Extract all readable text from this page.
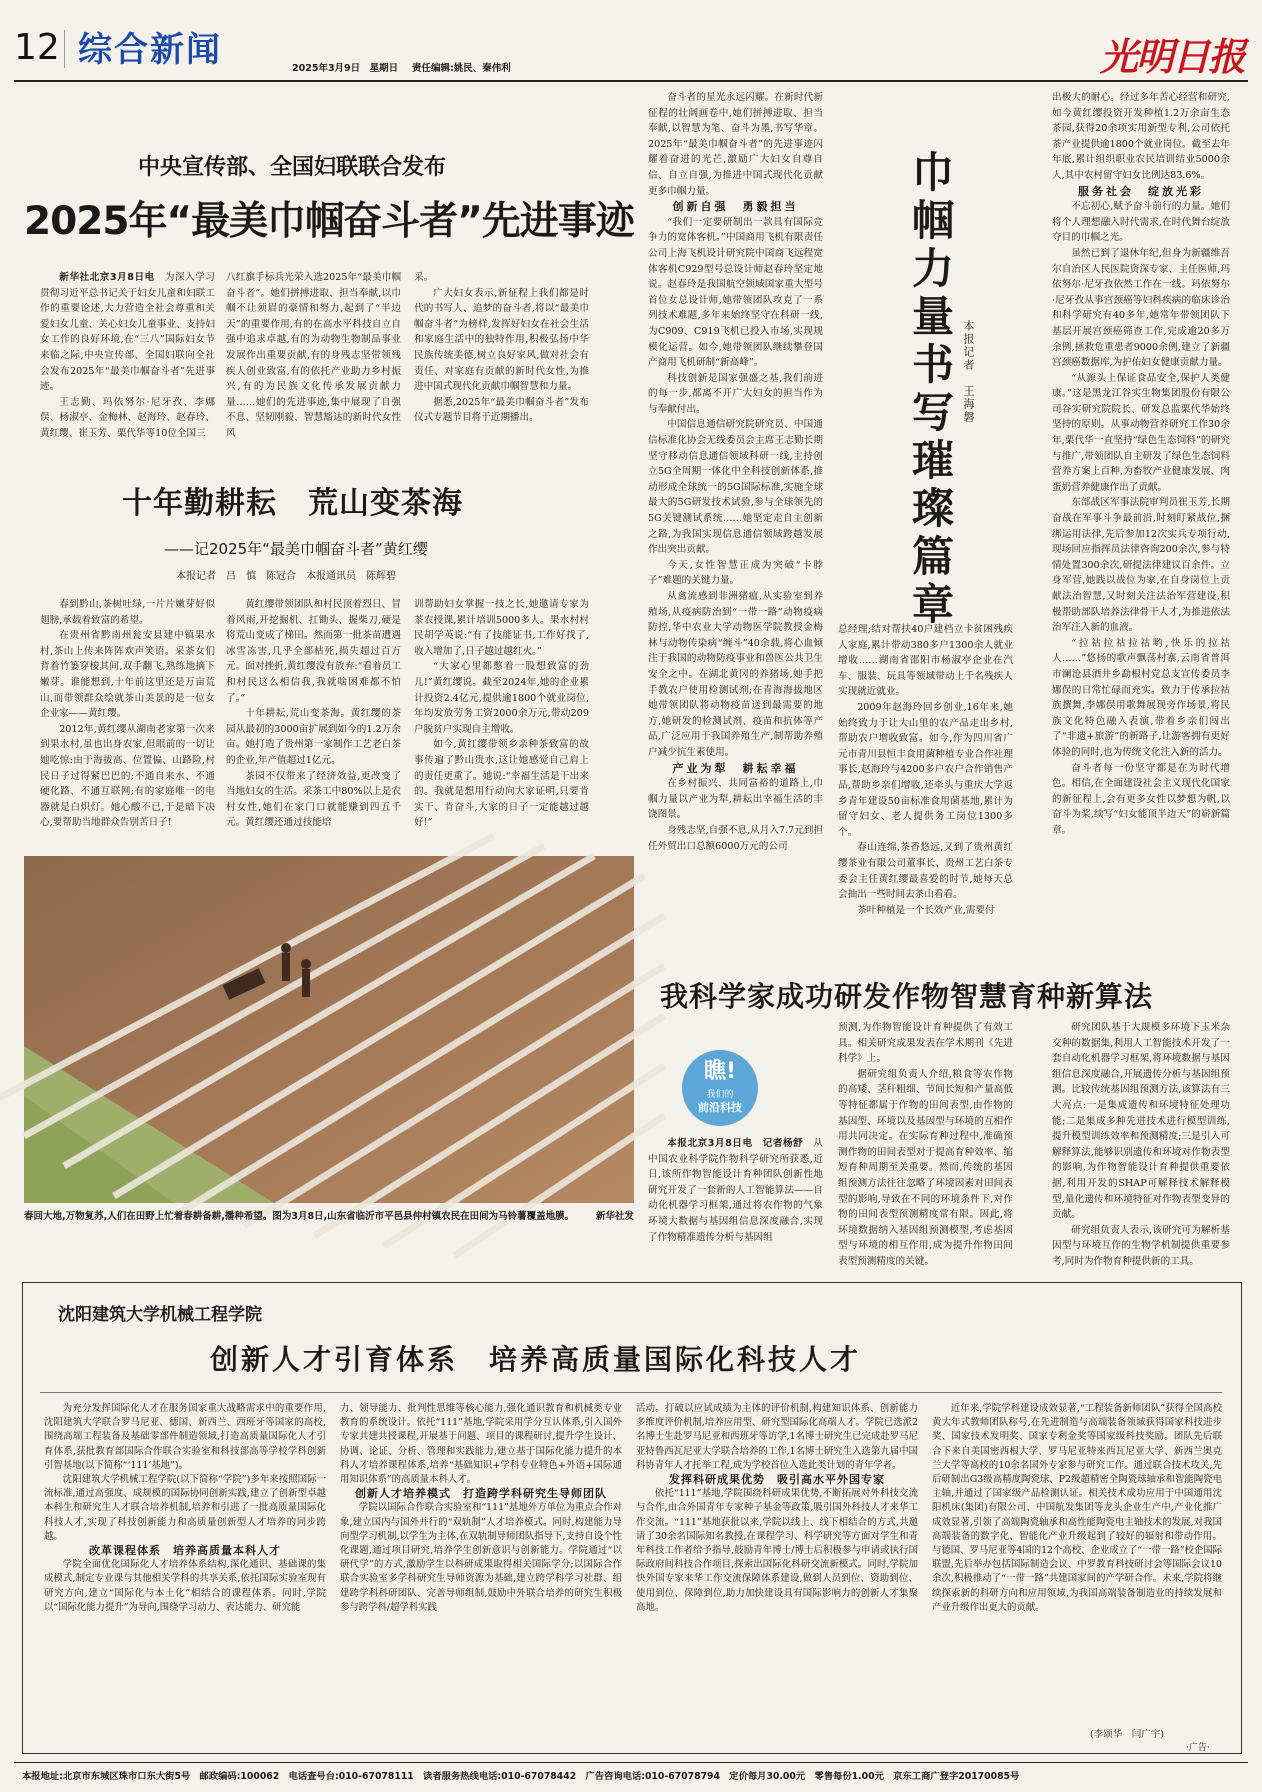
12 综合新闻	2025年3月9日　星期日 责任编辑:姚民、秦伟利	光明日报
中央宣传部、全国妇联联合发布
2025年“最美巾帼奋斗者”先进事迹

新华社北京3月8日电　 为深入学习贯彻习近平总书记关于妇女儿童和妇联工作的重要论述,大力营造全社会尊重和关爱妇女儿童、关心妇女儿童事业、支持妇女工作的良好环境,在“三八”国际妇女节来临之际,中央宣传部、全国妇联向全社会发布2025年“最美巾帼奋斗者”先进事迹。

王志勤、玛依努尔·尼牙孜、李娜俣、杨淑亭、金梅林、赵海玲、赵春玲、黄红缨、崔玉芳、栗代华等10位全国三

八红旗手标兵光荣入选2025年“最美巾帼奋斗者”。她们拼搏进取、担当奉献,以巾帼不让须眉的豪情和努力,起到了“半边天”的重要作用,有的在高水平科技自立自强中追求卓越,有的为动物生物制品事业发展作出重要贡献,有的身残志坚带领残疾人创业致富,有的依托产业助力乡村振兴,有的为民族文化传承发展贡献力量……她们的先进事迹,集中展现了自强不息、坚韧刚毅、智慧豁达的新时代女性风

采。

广大妇女表示,新征程上我们都是时代的书写人、追梦的奋斗者,将以“最美巾帼奋斗者”为榜样,发挥好妇女在社会生活和家庭生活中的独特作用,积极弘扬中华民族传统美德,树立良好家风,做对社会有责任、对家庭有贡献的新时代女性,为推进中国式现代化贡献巾帼智慧和力量。

据悉,2025年“最美巾帼奋斗者”发布仪式专题节目将于近期播出。

十年勤耕耘　荒山变茶海
——记2025年“最美巾帼奋斗者”黄红缨
本报记者　吕　慎　陈冠合　本报通讯员　陈辉碧

春到黔山,茶树吐绿,一片片嫩芽好似翅膀,承载着致富的希望。

在贵州省黔南州瓮安县建中镇果水村,茶山上传来阵阵欢声笑语。采茶女们背着竹篓穿梭其间,双手翻飞,熟练地摘下嫩芽。谁能想到,十年前这里还是万亩荒山,而带领群众绘就茶山美景的是一位女企业家——黄红缨。

2012年,黄红缨从湖南老家第一次来到果水村,虽也出身农家,但眼前的一切让她吃惊:由于海拔高、位置偏、山路险,村民日子过得紧巴巴的;不通自来水、不通硬化路、不通互联网;有的家庭唯一的电器就是白炽灯。她心酸不已,于是暗下决心,要帮助当地群众告别苦日子!

黄红缨带领团队和村民顶着烈日、冒着风雨,开挖掘机、扛锄头、握柴刀,硬是将荒山变成了梯田。然而第一批茶苗遭遇冰雪冻害,几乎全部枯死,损失超过百万元。面对挫折,黄红缨没有放弃:“看着员工和村民这么相信我,我就啥困难都不怕了。”

十年耕耘,荒山变茶海。黄红缨的茶园从最初的3000亩扩展到如今的1.2万余亩。她打造了贵州第一家制作工艺老白茶的企业,年产值超过1亿元。

茶园不仅带来了经济效益,更改变了当地妇女的生活。采茶工中80%以上是农村女性,她们在家门口就能赚到四五千元。黄红缨还通过技能培

训帮助妇女掌握一技之长,她邀请专家为茶农授课,累计培训5000多人。果水村村民胡学英说:“有了技能证书,工作好找了,收入增加了,日子越过越红火。”

“大家心里都憋着一股想致富的劲儿!”黄红缨说。截至2024年,她的企业累计投资2.4亿元,提供逾1800个就业岗位,年均发放劳务工资2000余万元,带动209户脱贫户实现自主增收。

如今,黄红缨带领乡亲种茶致富的故事传遍了黔山贵水,这让她感觉自己肩上的责任更重了。她说:“幸福生活是干出来的。我就是想用行动向大家证明,只要肯实干、肯奋斗,大家的日子一定能越过越好!”

春回大地,万物复苏,人们在田野上忙着春耕备耕,播种希望。图为3月8日,山东省临沂市平邑县仲村镇农民在田间为马铃薯覆盖地膜。 新华社发

奋斗者的星光永远闪耀。在新时代新征程的壮阔画卷中,她们拼搏进取、担当奉献,以智慧为笔、奋斗为墨,书写华章。2025年“最美巾帼奋斗者”的先进事迹闪耀着奋进的光芒,激励广大妇女自尊自信、自立自强,为推进中国式现代化贡献更多巾帼力量。

创新自强　勇毅担当

“我们一定要研制出一款具有国际竞争力的宽体客机。”中国商用飞机有限责任公司上海飞机设计研究院中国商飞远程宽体客机C929型号总设计师赵春玲坚定地说。赵春玲是我国航空领域国家重大型号首位女总设计师,她带领团队攻克了一系列技术难题,多年来始终坚守在科研一线,为C909、C919飞机已投入市场,实现规模化运营。如今,她带领团队继续攀登国产商用飞机研制“新高峰”。

科技创新是国家强盛之基,我们前进的每一步,都离不开广大妇女的担当作为与奉献付出。

中国信息通信研究院研究员、中国通信标准化协会无线委员会主席王志勤长期坚守移动信息通信领域科研一线,主持创立5G全周期一体化中全科技创新体系,推动形成全球统一的5G国际标准,实施全球最大的5G研发技术试验,参与全球领先的5G关键测试系统……她坚定走自主创新之路,为我国实现信息通信领域跨越发展作出突出贡献。

今天,女性智慧正成为突破“卡脖子”难题的关键力量。

从禽流感到非洲猪瘟,从实验室到养殖场,从疫病防治到“一带一路”动物疫病防控,华中农业大学动物医学院教授金梅林与动物传染病“缠斗”40余载,将心血倾注于我国的动物防疫事业和兽医公共卫生安全之中。在湖北黄冈的养猪场,她手把手教农户使用检测试剂;在青海海拔地区她带领团队将动物疫苗送到最需要的地方,她研发的检测试剂、疫苗和抗体等产品,广泛应用于我国养殖生产,制帮助养殖户减少抗生素使用。

产业为犁　耕耘幸福

在乡村振兴、共同富裕的道路上,巾帼力量以产业为犁,耕耘出幸福生活的丰饶图景。

身残志坚,自强不息,从月入7.7元到担任外贸出口总额6000万元的公司

巾帼力量书写璀璨篇章 本报记者　王海磐

总经理;结对帮扶40户建档立卡贫困残疾人家庭,累计带动380多户1300余人就业增收……湖南省邵阳市杨淑亭企业在汽车、服装、玩具等领域带动上千名残疾人实现就近就业。

2009年赵海玲回乡创业,16年来,她始终致力于让大山里的农产品走出乡村,帮助农户增收致富。如今,作为四川省广元市青川县恒丰食用菌种植专业合作社理事长,赵海玲与4200多户农户合作销售产品,帮助乡亲们增收,还牵头与重庆大学返乡青年建设50亩标准食用菌基地,累计为留守妇女、老人提供务工岗位1300多个。

春山连绵,茶香悠远,又到了贵州黄红缨茶业有限公司董事长、贵州工艺白茶专委会主任黄红缨最喜爱的时节,她每天总会抽出一些时间去茶山看看。

茶叶种植是一个长效产业,需要付

出极大的耐心。经过多年苦心经营和研究,如今黄红缨投资开发种植1.2万余亩生态茶园,获得20余项实用新型专利,公司依托茶产业提供逾1800个就业岗位。截至去年年底,累计组织职业农民培训结业5000余人,其中农村留守妇女比例达83.6%。

服务社会　绽放光彩

不忘初心,赋予奋斗前行的力量。她们将个人理想融入时代需求,在时代舞台绽放夺目的巾帼之光。

虽然已到了退休年纪,但身为新疆维吾尔自治区人民医院资深专家、主任医师,玛依努尔·尼牙孜依然工作在一线。玛依努尔·尼牙孜从事宫颈癌等妇科疾病的临床诊治和科学研究有40多年,她常年带领团队下基层开展宫颈癌筛查工作,完成逾20多万余例,拯救危重患者9000余例,建立了新疆宫颈癌数据库,为护佑妇女健康贡献力量。

“从源头上保证食品安全,保护人类健康。”这是黑龙江谷实生物集团股份有限公司谷实研究院院长、研发总监栗代华始终坚持的原则。从事动物营养研究工作30余年,栗代华一直坚持“绿色生态饲料”的研究与推广,带领团队自主研发了绿色生态饲料营养方案上百种,为畜牧产业健康发展、肉蛋奶营养健康作出了贡献。

东部战区军事法院审判员崔玉芳,长期奋战在军事斗争最前沿,时刻盯紧战位,捆绑运用法律,先后参加12次实兵专项行动,现场回应指挥员法律咨询200余次,参与特情处置300余次,研提法律建议百余件。立身军营,她践以战位为家,在自身岗位上贡献法治智慧,又时刻关注法治军营建设,积极帮助部队培养法律骨干人才,为推进依法治军注入新的血液。

“拉祜拉祜拉祜哟,快乐的拉祜人……”悠扬的歌声飘荡村寨,云南省普洱市澜沧县酒井乡勐根村党总支宣传委员李娜俣的日常忙碌而充实。致力于传承拉祜族撰舞,李娜俣用歌舞展现旁作场景,将民族文化特色融入表演,带着乡亲们闯出了“非遗+旅游”的新路子,让游客拥有更好体验的同时,也为传统文化注入新的活力。

奋斗者每一份坚守都是在为时代增色。相信,在全面建设社会主义现代化国家的新征程上,会有更多女性以梦想为帆,以奋斗为桨,续写“妇女能顶半边天”的崭新篇章。

我科学家成功研发作物智慧育种新算法
瞧!
我们的
前沿科技

本报北京3月8日电　记者杨舒　 从中国农业科学院作物科学研究所获悉,近日,该所作物智能设计育种团队创新性地研究开发了一套新的人工智能算法——自动化机器学习框架,通过将农作物的气象环境大数据与基因组信息深度融合,实现了作物精准遗传分析与基因组

预测,为作物智能设计育种提供了有效工具。相关研究成果发表在学术期刊《先进科学》上。

据研究组负责人介绍,粮食等农作物的高矮、茎秆粗细、节间长短和产量高低等特征都属于作物的田间表型,由作物的基因型、环境以及基因型与环境的互相作用共同决定。在实际育种过程中,准确预测作物的田间表型对于提高育种效率、缩短育种周期至关重要。然而,传统的基因组预测方法往往忽略了环境因素对田间表型的影响,导致在不同的环境条件下,对作物的田间表型预测精度常有限。因此,将环境数据纳入基因组预测模型,考虑基因型与环境的相互作用,成为提升作物田间表型预测精度的关键。

研究团队基于大规模多环境下玉米杂交种的数据集,利用人工智能技术开发了一套自动化机器学习框架,将环境数据与基因组信息深度融合,开展遗传分析与基因组预测。比较传统基因组预测方法,该算法有三大亮点:一是集成遗传和环境特征处理功能;二是集成多种先进技术进行模型训练,提升模型训练效率和预测精度;三是引入可解释算法,能够识别遗传和环境对作物表型的影响,为作物智能设计育种提供重要依据,利用开发的SHAP可解释技术解释模型,量化遗传和环境特征对作物表型变异的贡献。

研究组负责人表示,该研究可为解析基因型与环境互作的生物学机制提供重要参考,同时为作物育种提供新的工具。

沈阳建筑大学机械工程学院
创新人才引育体系　培养高质量国际化科技人才

为充分发挥国际化人才在服务国家重大战略需求中的重要作用,沈阳建筑大学联合罗马尼亚、德国、新西兰、西班牙等国家的高校,围绕高端工程装备及基础零部件制造领域,打造高质量国际化人才引育体系,获批教育部国际合作联合实验室和科技部高等学校学科创新引智基地(以下简称“‘111’基地”)。

沈阳建筑大学机械工程学院(以下简称“学院”)多年来按照国际一流标准,通过高强度、成规模的国际协同创新实践,建立了创新型卓越本科生和研究生人才联合培养机制,培养和引进了一批高质量国际化科技人才,实现了科技创新能力和高质量创新型人才培养的同步跨越。

改革课程体系　培养高质量本科人才

学院全面优化国际化人才培养体系结构,深化通识、基础课的集成模式,制定专业课与其他相关学科的共享关系,依托国际实验室现有研究方向,建立“国际化与本土化”相结合的课程体系。同时,学院以“国际化能力提升”为导向,围绕学习动力、表达能力、研究能

力、领导能力、批判性思维等核心能力,强化通识教育和机械类专业教育的系统设计。依托“111”基地,学院采用学分互认体系,引入国外专家共建共授课程,开展基于问题、项目的课程研讨,提升学生设计、协调、论证、分析、管理和实践能力,建立基于国际化能力提升的本科人才培养课程体系,培养“基础知识+学科专业特色+外语+国际通用知识体系”的高质量本科人才。

创新人才培养模式　打造跨学科研究生导师团队

学院以国际合作联合实验室和“111”基地外方单位为重点合作对象,建立国内与国外并行的“双轨制”人才培养模式。同时,构建能力导向型学习机制,以学生为主体,在双轨制导师团队指导下,支持自设个性化课题,通过项目研究,培养学生创新意识与创新能力。学院通过“以研代学”的方式,激励学生以科研成果取得相关国际学分;以国际合作联合实验室多学科研究生导师资源为基础,建立跨学科学习社群、组建跨学科科研团队、完善导师组制,鼓励中外联合培养的研究生积极参与跨学科/超学科实践

活动。打破以应试成绩为主体的评价机制,构建知识体系、创新能力多维度评价机制,培养应用型、研究型国际化高端人才。学院已选派2名博士生赴罗马尼亚和西班牙等访学,1名博士研究生已完成赴罗马尼亚特鲁西瓦尼亚大学联合培养的工作,1名博士研究生入选第九届中国科协青年人才托举工程,成为学校首位入选此类计划的青年学者。

发挥科研成果优势　吸引高水平外国专家

依托“111”基地,学院围绕科研成果优势,不断拓展对外科技交流与合作,由合外国青年专家种子基金等政策,吸引国外科技人才来华工作交流。“111”基地获批以来,学院以线上、线下相结合的方式,共邀请了30余名国际知名教授,在课程学习、科学研究等方面对学生和青年科技工作者给予指导,鼓励青年博士/博士后积极参与申请或执行国际政府间科技合作项目,探索出国际化科研交流新模式。同时,学院加快外国专家来华工作交流保障体系建设,做到人员到位、资助到位、使用到位、保障到位,助力加快建设具有国际影响力的创新人才集聚高地。

近年来,学院学科建设成效显著,“工程装备新师团队”获得全国高校黄大年式教师团队称号,在先进制造与高端装备领域获得国家科技进步奖、国家技术发明奖、国家专利金奖等国家级科技奖励。团队先后联合下来自美国密西根大学、罗马尼亚特来西瓦尼亚大学、新西兰奥克兰大学等高校的10余名国外专家参与研究工作。通过联合技术攻关,先后研制出G3级高精度陶瓷球、P2级超精密全陶瓷球轴承和智能陶瓷电主轴,并通过了国家级产品检测认证。相关技术成功应用于中国通用沈阳机床(集团)有限公司、中国航发集团等龙头企业生产中,产业化推广成效显著,引领了高端陶瓷轴承和高性能陶瓷电主轴技术的发展,对我国高端装备的数字化、智能化产业升级起到了较好的辐射和带动作用。与德国、罗马尼亚等4国的12个高校、企业成立了“一带一路”校企国际联盟,先后举办包括国际制造会议、中罗教育科技研讨会等国际会议10余次,积极推动了“一带一路”共建国家间的产学研合作。未来,学院将继续探索新的科研方向和应用领域,为我国高端装备制造业的持续发展和产业升级作出更大的贡献。

(李颂华　闫广宇)
·广告·
本报地址:北京市东城区珠市口东大街5号　邮政编码:100062　电话查号台:010-67078111　读者服务热线电话:010-67078442　广告咨询电话:010-67078794　定价每月30.00元　零售每份1.00元　京东工商广登字20170085号
